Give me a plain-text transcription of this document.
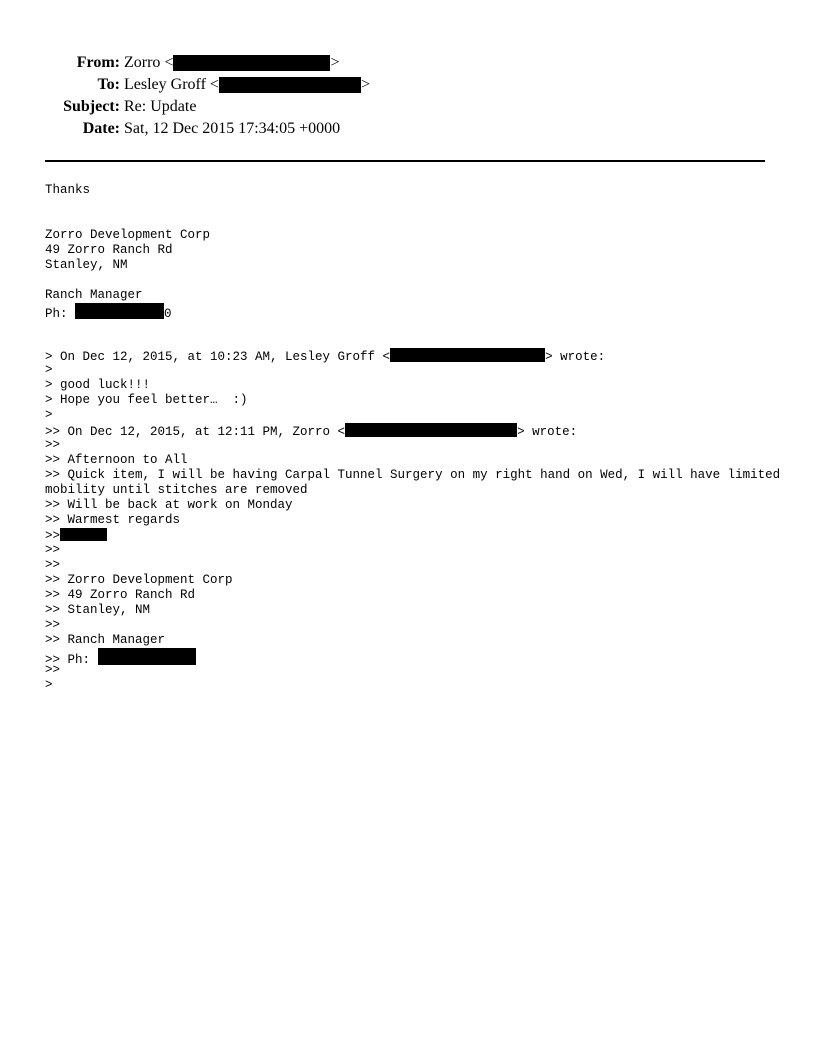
From: Zorro <	>
To: Lesley Groff <	>
Subject: Re: Update
Date: Sat, 12 Dec 2015 17:34:05 +0000
Thanks
Zorro Development Corp
49 Zorro Ranch Rd
Stanley, NM
Ranch Manager
Ph:	0
> On Dec 12, 2015, at 10:23 AM, Lesley Groff <	> wrote:
>
> good luck!!!
> Hope you feel better…  :)
>
>> On Dec 12, 2015, at 12:11 PM, Zorro <	> wrote:
>>
>> Afternoon to All
>> Quick item, I will be having Carpal Tunnel Surgery on my right hand on Wed, I will have limited mobility until stitches are removed
>> Will be back at work on Monday
>> Warmest regards
>>
>>
>>
>> Zorro Development Corp
>> 49 Zorro Ranch Rd
>> Stanley, NM
>>
>> Ranch Manager
>> Ph:
>>
>
